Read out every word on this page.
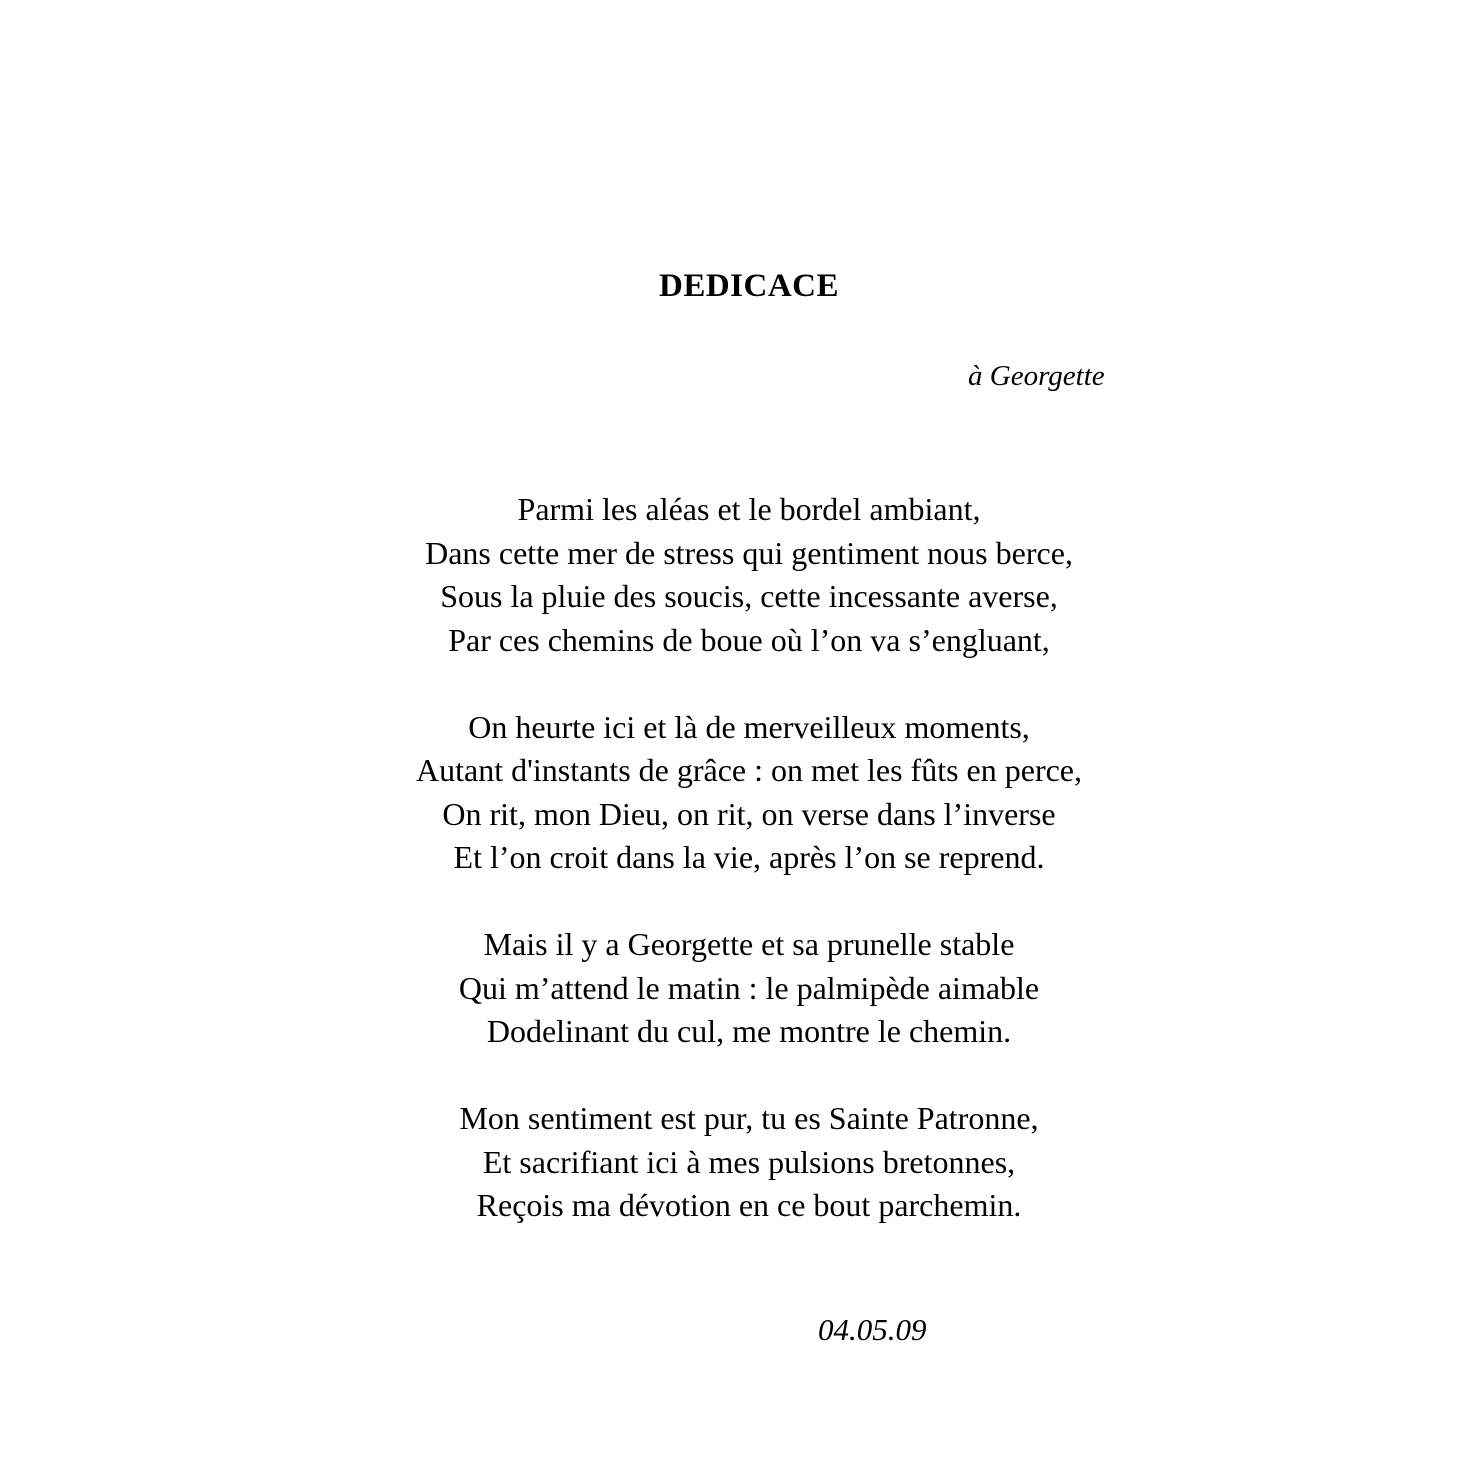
DEDICACE
à Georgette

Parmi les aléas et le bordel ambiant,
Dans cette mer de stress qui gentiment nous berce,
Sous la pluie des soucis, cette incessante averse,
Par ces chemins de boue où l’on va s’engluant,

On heurte ici et là de merveilleux moments,
Autant d'instants de grâce : on met les fûts en perce,
On rit, mon Dieu, on rit, on verse dans l’inverse
Et l’on croit dans la vie, après l’on se reprend.

Mais il y a Georgette et sa prunelle stable
Qui m’attend le matin : le palmipède aimable
Dodelinant du cul, me montre le chemin.

Mon sentiment est pur, tu es Sainte Patronne,
Et sacrifiant ici à mes pulsions bretonnes,
Reçois ma dévotion en ce bout parchemin.

04.05.09
